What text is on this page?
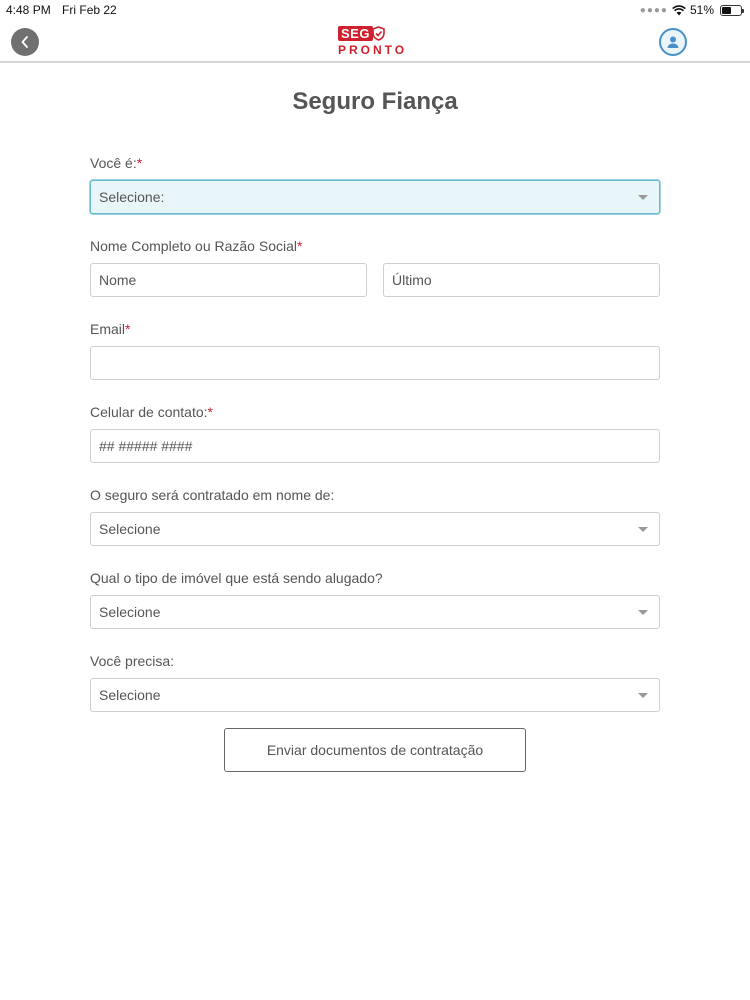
4:48 PM Fri Feb 22	●●●● 51%
SEG
PRONTO
Seguro Fiança
Você é:*
Selecione:
Nome Completo ou Razão Social*
Nome	Último
Email*
Celular de contato:*
## ##### ####
O seguro será contratado em nome de:
Selecione
Qual o tipo de imóvel que está sendo alugado?
Selecione
Você precisa:
Selecione
Enviar documentos de contratação
